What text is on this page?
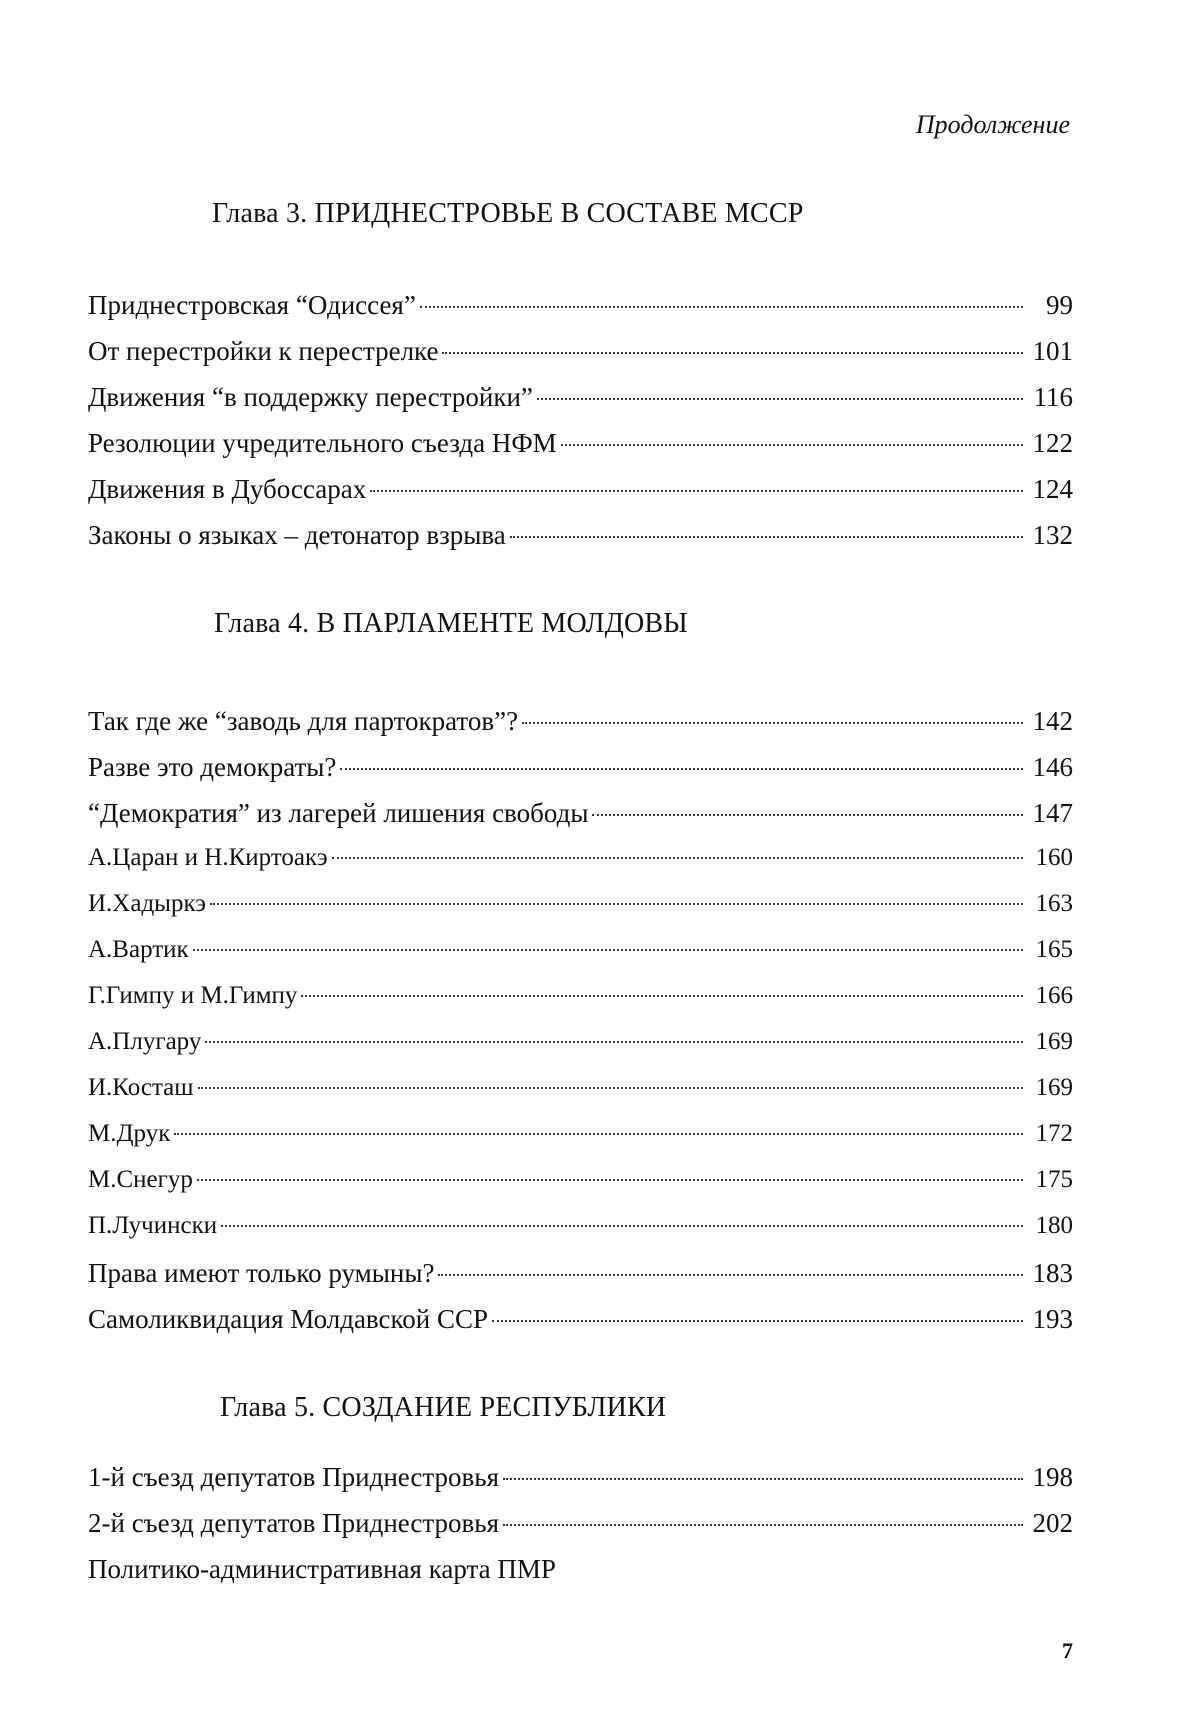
Продолжение
Глава 3. ПРИДНЕСТРОВЬЕ В СОСТАВЕ МССР
Приднестровская “Одиссея”	99
От перестройки к перестрелке	101
Движения “в поддержку перестройки”	116
Резолюции учредительного съезда НФМ	122
Движения в Дубоссарах	124
Законы о языках – детонатор взрыва	132
Глава 4. В ПАРЛАМЕНТЕ МОЛДОВЫ
Так где же “заводь для партократов”?	142
Разве это демократы?	146
“Демократия” из лагерей лишения свободы	147
А.Царан и Н.Киртоакэ	160
И.Хадыркэ	163
А.Вартик	165
Г.Гимпу и М.Гимпу	166
А.Плугару	169
И.Косташ	169
М.Друк	172
М.Снегур	175
П.Лучински	180
Права имеют только румыны?	183
Самоликвидация Молдавской ССР	193
Глава 5. СОЗДАНИЕ РЕСПУБЛИКИ
1-й съезд депутатов Приднестровья	198
2-й съезд депутатов Приднестровья	202
Политико-административная карта ПМР
7
